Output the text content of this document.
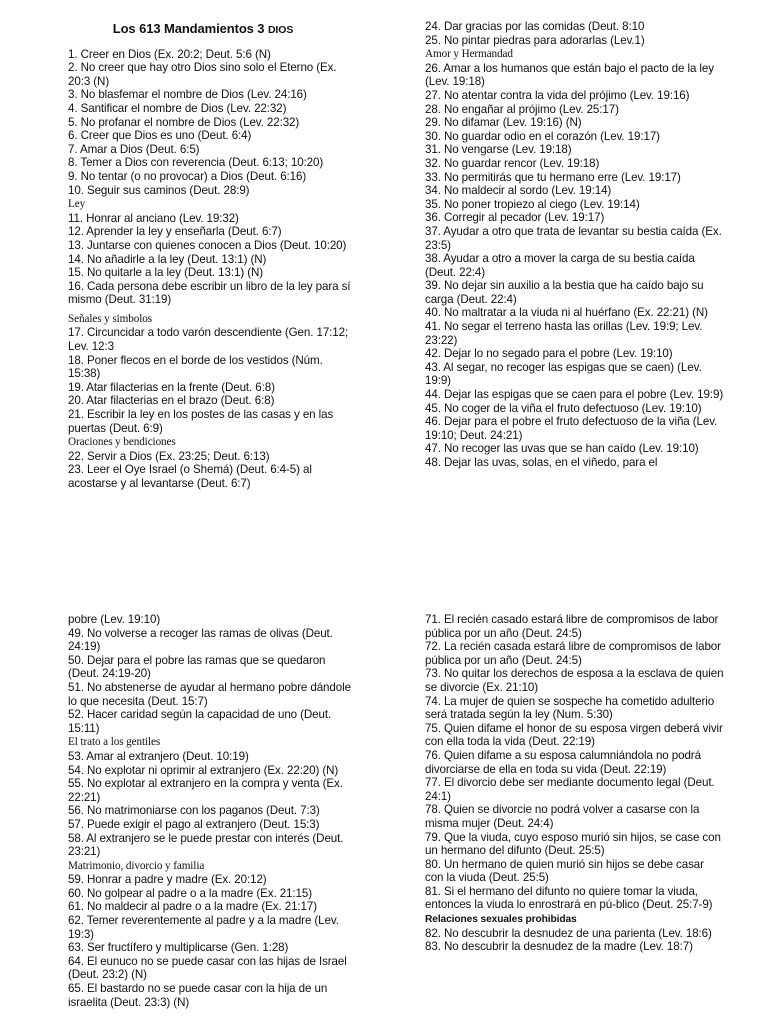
Los 613 Mandamientos 3 DIOS

1. Creer en Dios (Ex. 20:2; Deut. 5:6 (N)

2. No creer que hay otro Dios sino solo el Eterno (Ex. 20:3 (N)

3. No blasfemar el nombre de Dios (Lev. 24:16)

4. Santificar el nombre de Dios (Lev. 22:32)

5. No profanar el nombre de Dios (Lev. 22:32)

6. Creer que Dios es uno (Deut. 6:4)

7. Amar a Dios (Deut. 6:5)

8. Temer a Dios con reverencia (Deut. 6:13; 10:20)

9. No tentar (o no provocar) a Dios (Deut. 6:16)

10. Seguir sus caminos (Deut. 28:9)

Ley

11. Honrar al anciano (Lev. 19:32)

12. Aprender la ley y enseñarla (Deut. 6:7)

13. Juntarse con quienes conocen a Dios (Deut. 10:20)

14. No añadirle a la ley (Deut. 13:1) (N)

15. No quitarle a la ley (Deut. 13:1) (N)

16. Cada persona debe escribir un libro de la ley para sí mismo (Deut. 31:19)

Señales y simbolos

17. Circuncidar a todo varón descendiente (Gen. 17:12; Lev. 12:3

18. Poner flecos en el borde de los vestidos (Núm. 15:38)

19. Atar filacterias en la frente (Deut. 6:8)

20. Atar filacterias en el brazo (Deut. 6:8)

21. Escribir la ley en los postes de las casas y en las puertas (Deut. 6:9)

Oraciones y bendiciones

22. Servir a Dios (Ex. 23:25; Deut. 6:13)

23. Leer el Oye Israel (o Shemá) (Deut. 6:4-5) al acostarse y al levantarse (Deut. 6:7)

24. Dar gracias por las comidas (Deut. 8:10

25. No pintar piedras para adorarlas (Lev.1)

Amor y Hermandad

26. Amar a los humanos que están bajo el pacto de la ley (Lev. 19:18)

27. No atentar contra la vida del prójimo (Lev. 19:16)

28. No engañar al prójimo (Lev. 25:17)

29. No difamar (Lev. 19:16) (N)

30. No guardar odio en el corazón (Lev. 19:17)

31. No vengarse (Lev. 19:18)

32. No guardar rencor (Lev. 19:18)

33. No permitirás que tu hermano erre (Lev. 19:17)

34. No maldecir al sordo (Lev. 19:14)

35. No poner tropiezo al ciego (Lev. 19:14)

36. Corregir al pecador (Lev. 19:17)

37. Ayudar a otro que trata de levantar su bestia caída (Ex. 23:5)

38. Ayudar a otro a mover la carga de su bestia caída (Deut. 22:4)

39. No dejar sin auxilio a la bestia que ha caído bajo su carga (Deut. 22:4)

40. No maltratar a la viuda ni al huérfano (Ex. 22:21) (N)

41. No segar el terreno hasta las orillas (Lev. 19:9; Lev. 23:22)

42. Dejar lo no segado para el pobre (Lev. 19:10)

43. Al segar, no recoger las espigas que se caen) (Lev. 19:9)

44. Dejar las espigas que se caen para el pobre (Lev. 19:9)

45. No coger de la viña el fruto defectuoso (Lev. 19:10)

46. Dejar para el pobre el fruto defectuoso de la viña (Lev. 19:10; Deut. 24:21)

47. No recoger las uvas que se han caído (Lev. 19:10)

48. Dejar las uvas, solas, en el viñedo, para el

pobre (Lev. 19:10)

49. No volverse a recoger las ramas de olivas (Deut. 24:19)

50. Dejar para el pobre las ramas que se quedaron (Deut. 24:19-20)

51. No abstenerse de ayudar al hermano pobre dándole lo que necesita (Deut. 15:7)

52. Hacer caridad según la capacidad de uno (Deut. 15:11)

El trato a los gentiles

53. Amar al extranjero (Deut. 10:19)

54. No explotar ni oprimir al extranjero (Ex. 22:20) (N)

55. No explotar al extranjero en la compra y venta (Ex. 22:21)

56. No matrimoniarse con los paganos (Deut. 7:3)

57. Puede exigir el pago al extranjero (Deut. 15:3)

58. Al extranjero se le puede prestar con interés (Deut. 23:21)

Matrimonio, divorcio y familia

59. Honrar a padre y madre (Ex. 20:12)

60. No golpear al padre o a la madre (Ex. 21:15)

61. No maldecir al padre o a la madre (Ex. 21:17)

62. Temer reverentemente al padre y a la madre (Lev. 19:3)

63. Ser fructífero y multiplicarse (Gen. 1:28)

64. El eunuco no se puede casar con las hijas de Israel (Deut. 23:2) (N)

65. El bastardo no se puede casar con la hija de un israelita (Deut. 23:3) (N)

71. El recién casado estará libre de compromisos de labor pública por un año (Deut. 24:5)

72. La recién casada estará libre de compromisos de labor pública por un año (Deut. 24:5)

73. No quitar los derechos de esposa a la esclava de quien se divorcie (Ex. 21:10)

74. La mujer de quien se sospeche ha cometido adulterio será tratada según la ley (Num. 5:30)

75. Quien difame el honor de su esposa virgen deberá vivir con ella toda la vida (Deut. 22:19)

76. Quien difame a su esposa calumniándola no podrá divorciarse de ella en toda su vida (Deut. 22:19)

77. El divorcio debe ser mediante documento legal (Deut. 24:1)

78. Quien se divorcie no podrá volver a casarse con la misma mujer (Deut. 24:4)

79. Que la viuda, cuyo esposo murió sin hijos, se case con un hermano del difunto (Deut. 25:5)

80. Un hermano de quien murió sin hijos se debe casar con la viuda (Deut. 25:5)

81. Si el hermano del difunto no quiere tomar la viuda, entonces la viuda lo enrostrará en pú-blico (Deut. 25:7-9)

Relaciones sexuales prohibidas

82. No descubrir la desnudez de una parienta (Lev. 18:6)

83. No descubrir la desnudez de la madre (Lev. 18:7)
